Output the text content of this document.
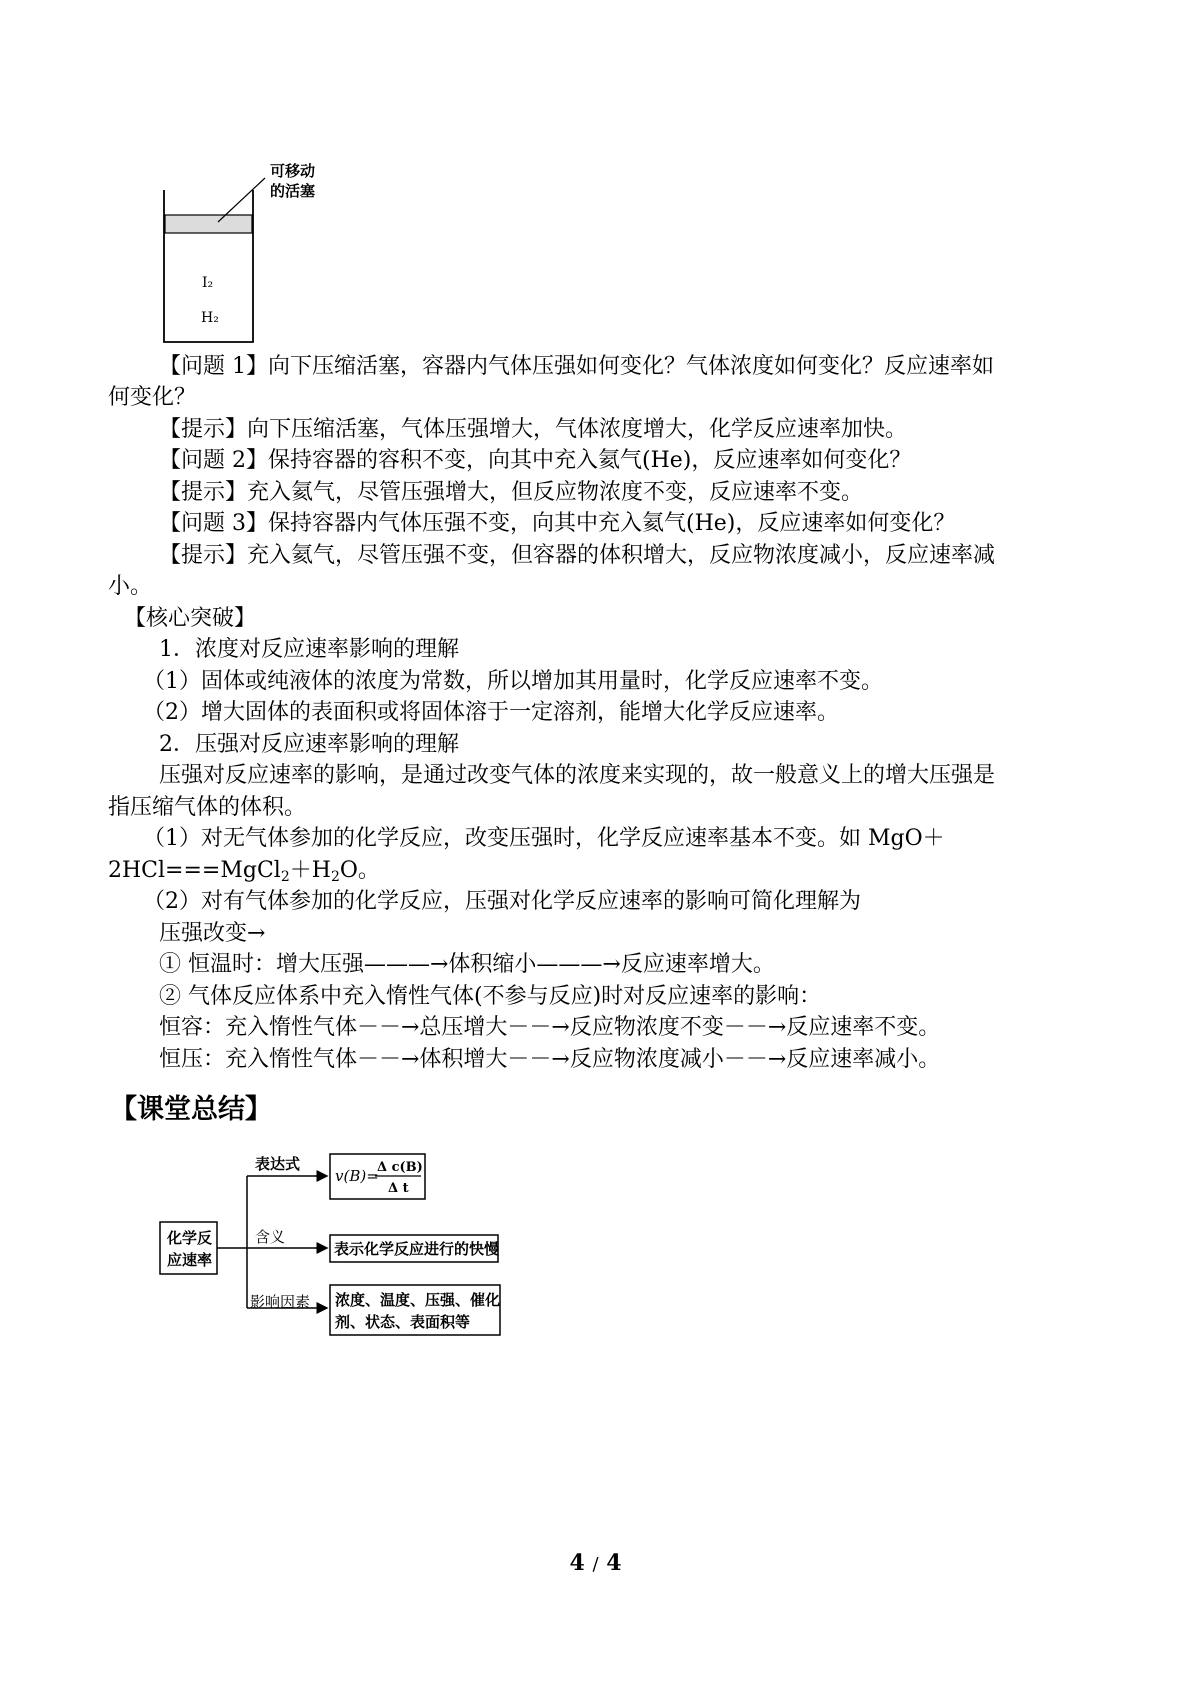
可移动
的活塞
I₂
H₂
【问题 1】向下压缩活塞，容器内气体压强如何变化？气体浓度如何变化？反应速率如
何变化？
【提示】向下压缩活塞，气体压强增大，气体浓度增大，化学反应速率加快。
【问题 2】保持容器的容积不变，向其中充入氦气(He)，反应速率如何变化？
【提示】充入氦气，尽管压强增大，但反应物浓度不变，反应速率不变。
【问题 3】保持容器内气体压强不变，向其中充入氦气(He)，反应速率如何变化？
【提示】充入氦气，尽管压强不变，但容器的体积增大，反应物浓度减小，反应速率减
小。
【核心突破】
1．浓度对反应速率影响的理解
（1）固体或纯液体的浓度为常数，所以增加其用量时，化学反应速率不变。
（2）增大固体的表面积或将固体溶于一定溶剂，能增大化学反应速率。
2．压强对反应速率影响的理解
压强对反应速率的影响，是通过改变气体的浓度来实现的，故一般意义上的增大压强是
指压缩气体的体积。
（1）对无气体参加的化学反应，改变压强时，化学反应速率基本不变。如 MgO＋
$2HCl===MgCl_2+H_2O$。
（2）对有气体参加的化学反应，压强对化学反应速率的影响可简化理解为
压强改变→
① 恒温时：增大压强———→体积缩小———→反应速率增大。
② 气体反应体系中充入惰性气体(不参与反应)时对反应速率的影响：
恒容：充入惰性气体－－→总压增大－－→反应物浓度不变－－→反应速率不变。
恒压：充入惰性气体－－→体积增大－－→反应物浓度减小－－→反应速率减小。
【课堂总结】
化学反
应速率
表达式
v(B)=
Δ c(B)
Δ t
含义
表示化学反应进行的快慢
影响因素 浓度、温度、压强、催化
剂、状态、表面积等
4 / 4
